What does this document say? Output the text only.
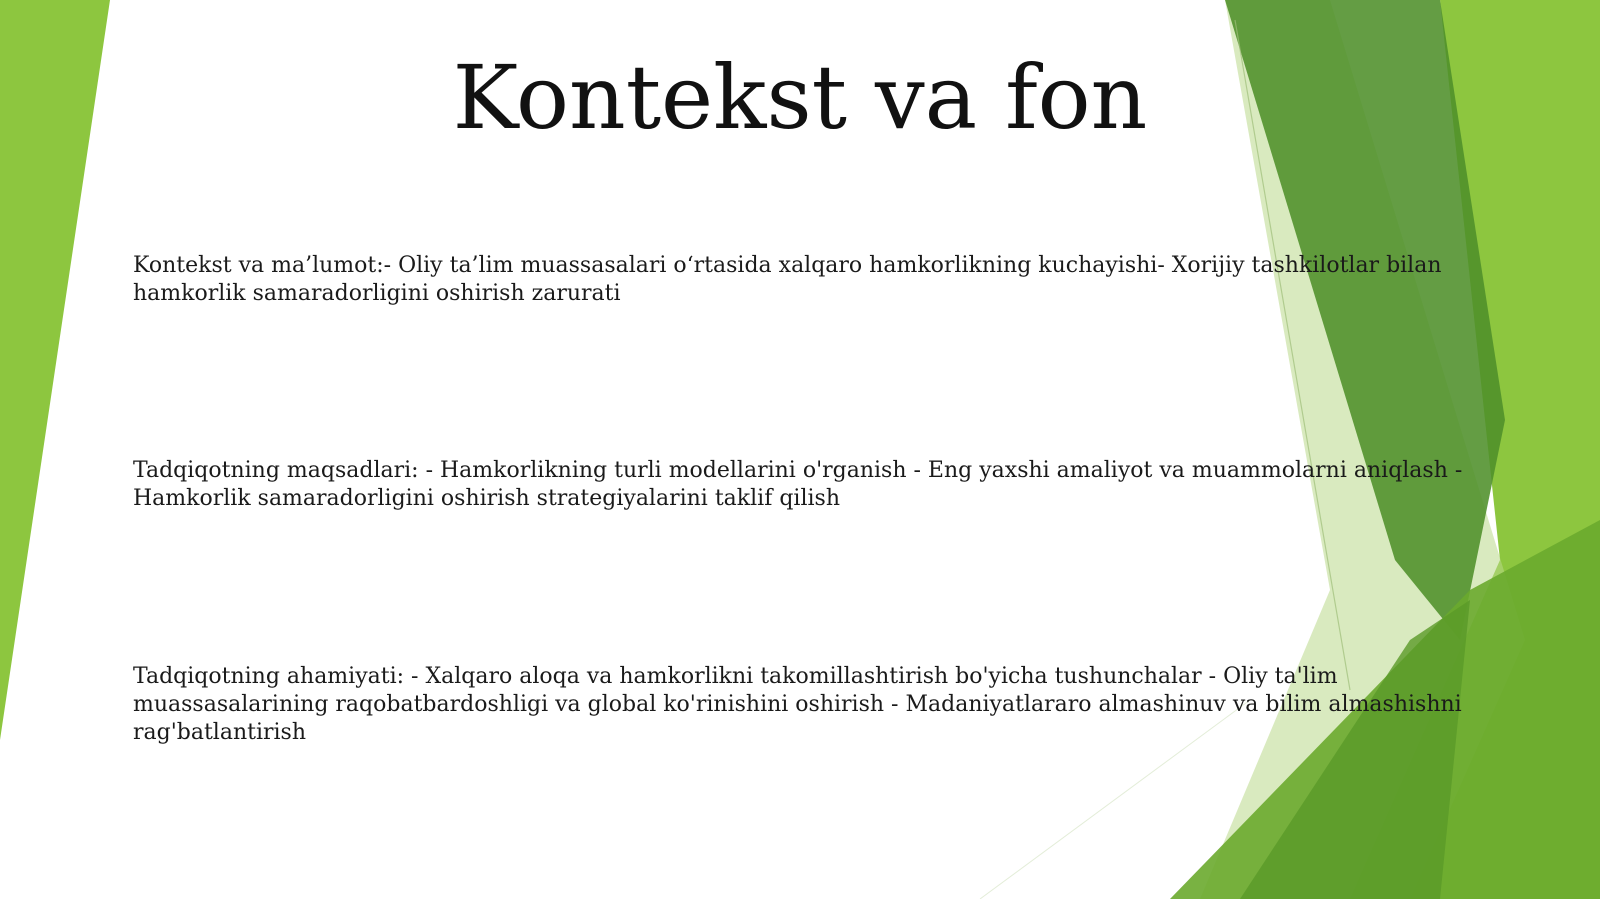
Kontekst va fon

Kontekst va ma’lumot:- Oliy ta’lim muassasalari o‘rtasida xalqaro hamkorlikning kuchayishi- Xorijiy tashkilotlar bilan hamkorlik samaradorligini oshirish zarurati

Tadqiqotning maqsadlari: - Hamkorlikning turli modellarini o'rganish - Eng yaxshi amaliyot va muammolarni aniqlash - Hamkorlik samaradorligini oshirish strategiyalarini taklif qilish

Tadqiqotning ahamiyati: - Xalqaro aloqa va hamkorlikni takomillashtirish bo'yicha tushunchalar - Oliy ta'lim muassasalarining raqobatbardoshligi va global ko'rinishini oshirish - Madaniyatlararo almashinuv va bilim almashishni rag'batlantirish
